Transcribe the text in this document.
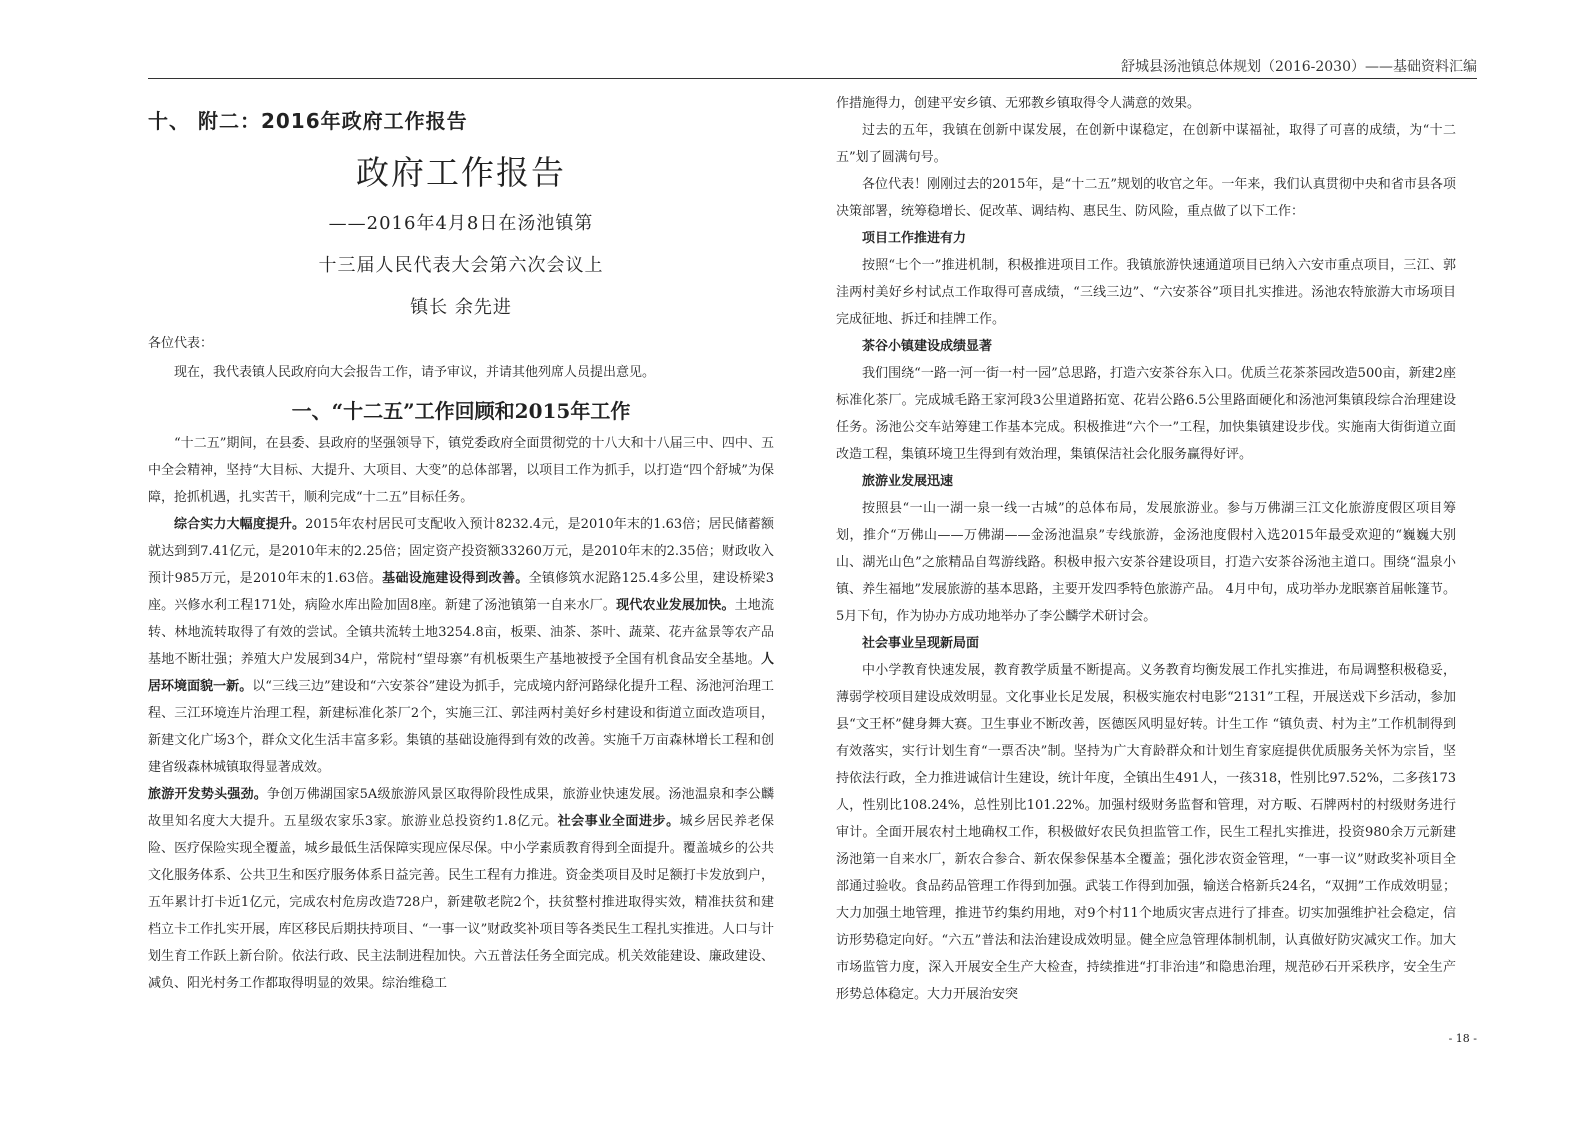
舒城县汤池镇总体规划（2016-2030）——基础资料汇编
十、 附二：2016年政府工作报告
政府工作报告
——2016年4月8日在汤池镇第
十三届人民代表大会第六次会议上
镇长 余先进

各位代表：

现在，我代表镇人民政府向大会报告工作，请予审议，并请其他列席人员提出意见。

一、“十二五”工作回顾和2015年工作

“十二五”期间，在县委、县政府的坚强领导下，镇党委政府全面贯彻党的十八大和十八届三中、四中、五中全会精神，坚持“大目标、大提升、大项目、大变”的总体部署，以项目工作为抓手，以打造“四个舒城”为保障，抢抓机遇，扎实苦干，顺利完成“十二五”目标任务。

综合实力大幅度提升。2015年农村居民可支配收入预计8232.4元，是2010年末的1.63倍；居民储蓄额就达到到7.41亿元，是2010年末的2.25倍；固定资产投资额33260万元，是2010年末的2.35倍；财政收入预计985万元，是2010年末的1.63倍。基础设施建设得到改善。全镇修筑水泥路125.4多公里，建设桥梁3座。兴修水利工程171处，病险水库出险加固8座。新建了汤池镇第一自来水厂。现代农业发展加快。土地流转、林地流转取得了有效的尝试。全镇共流转土地3254.8亩，板栗、油茶、茶叶、蔬菜、花卉盆景等农产品基地不断壮强；养殖大户发展到34户，常院村“望母寨”有机板栗生产基地被授予全国有机食品安全基地。人居环境面貌一新。以“三线三边”建设和“六安茶谷”建设为抓手，完成境内舒河路绿化提升工程、汤池河治理工程、三江环境连片治理工程，新建标准化茶厂2个，实施三江、郭洼两村美好乡村建设和街道立面改造项目，新建文化广场3个，群众文化生活丰富多彩。集镇的基础设施得到有效的改善。实施千万亩森林增长工程和创建省级森林城镇取得显著成效。

旅游开发势头强劲。争创万佛湖国家5A级旅游风景区取得阶段性成果，旅游业快速发展。汤池温泉和李公麟故里知名度大大提升。五星级农家乐3家。旅游业总投资约1.8亿元。社会事业全面进步。城乡居民养老保险、医疗保险实现全覆盖，城乡最低生活保障实现应保尽保。中小学素质教育得到全面提升。覆盖城乡的公共文化服务体系、公共卫生和医疗服务体系日益完善。民生工程有力推进。资金类项目及时足额打卡发放到户，五年累计打卡近1亿元，完成农村危房改造728户，新建敬老院2个，扶贫整村推进取得实效，精准扶贫和建档立卡工作扎实开展，库区移民后期扶持项目、“一事一议”财政奖补项目等各类民生工程扎实推进。人口与计划生育工作跃上新台阶。依法行政、民主法制进程加快。六五普法任务全面完成。机关效能建设、廉政建设、减负、阳光村务工作都取得明显的效果。综治维稳工

作措施得力，创建平安乡镇、无邪教乡镇取得令人满意的效果。

过去的五年，我镇在创新中谋发展，在创新中谋稳定，在创新中谋福祉，取得了可喜的成绩，为“十二五”划了圆满句号。

各位代表！刚刚过去的2015年，是“十二五”规划的收官之年。一年来，我们认真贯彻中央和省市县各项决策部署，统筹稳增长、促改革、调结构、惠民生、防风险，重点做了以下工作：

项目工作推进有力

按照“七个一”推进机制，积极推进项目工作。我镇旅游快速通道项目已纳入六安市重点项目，三江、郭洼两村美好乡村试点工作取得可喜成绩，“三线三边”、“六安茶谷”项目扎实推进。汤池农特旅游大市场项目完成征地、拆迁和挂牌工作。

茶谷小镇建设成绩显著

我们围绕“一路一河一街一村一园”总思路，打造六安茶谷东入口。优质兰花茶茶园改造500亩，新建2座标准化茶厂。完成城毛路王家河段3公里道路拓宽、花岩公路6.5公里路面硬化和汤池河集镇段综合治理建设任务。汤池公交车站筹建工作基本完成。积极推进“六个一”工程，加快集镇建设步伐。实施南大街街道立面改造工程，集镇环境卫生得到有效治理，集镇保洁社会化服务赢得好评。

旅游业发展迅速

按照县“一山一湖一泉一线一古城”的总体布局，发展旅游业。参与万佛湖三江文化旅游度假区项目筹划，推介“万佛山——万佛湖——金汤池温泉”专线旅游，金汤池度假村入选2015年最受欢迎的“巍巍大别山、湖光山色”之旅精品自驾游线路。积极申报六安茶谷建设项目，打造六安茶谷汤池主道口。围绕“温泉小镇、养生福地”发展旅游的基本思路，主要开发四季特色旅游产品。 4月中旬，成功举办龙眠寨首届帐篷节。5月下旬，作为协办方成功地举办了李公麟学术研讨会。

社会事业呈现新局面

中小学教育快速发展，教育教学质量不断提高。义务教育均衡发展工作扎实推进，布局调整积极稳妥，薄弱学校项目建设成效明显。文化事业长足发展，积极实施农村电影“2131”工程，开展送戏下乡活动，参加县“文王杯”健身舞大赛。卫生事业不断改善，医德医风明显好转。计生工作 “镇负责、村为主”工作机制得到有效落实，实行计划生育“一票否决”制。坚持为广大育龄群众和计划生育家庭提供优质服务关怀为宗旨，坚持依法行政，全力推进诚信计生建设，统计年度，全镇出生491人，一孩318，性别比97.52%，二多孩173人，性别比108.24%，总性别比101.22%。加强村级财务监督和管理，对方畈、石牌两村的村级财务进行审计。全面开展农村土地确权工作，积极做好农民负担监管工作，民生工程扎实推进，投资980余万元新建汤池第一自来水厂，新农合参合、新农保参保基本全覆盖；强化涉农资金管理，“一事一议”财政奖补项目全部通过验收。食品药品管理工作得到加强。武装工作得到加强，输送合格新兵24名，“双拥”工作成效明显；大力加强土地管理，推进节约集约用地，对9个村11个地质灾害点进行了排查。切实加强维护社会稳定，信访形势稳定向好。“六五”普法和法治建设成效明显。健全应急管理体制机制，认真做好防灾减灾工作。加大市场监管力度，深入开展安全生产大检查，持续推进“打非治违”和隐患治理，规范砂石开采秩序，安全生产形势总体稳定。大力开展治安突

- 18 -
